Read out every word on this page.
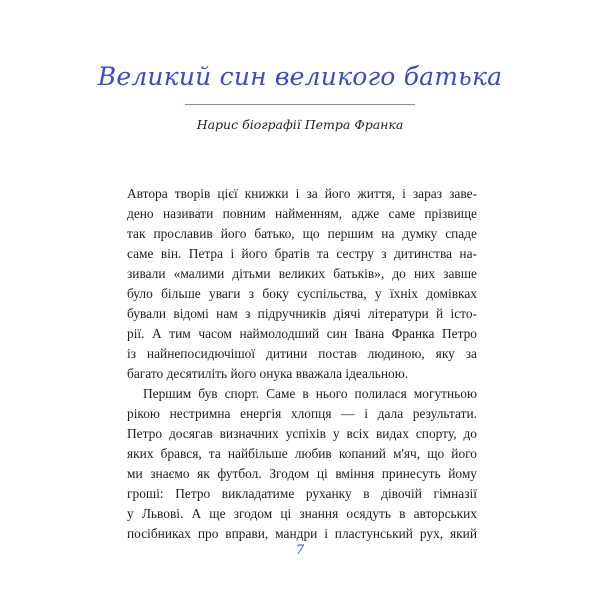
Великий син великого батька
Нарис біографії Петра Франка
Автора творів цієї книжки і за його життя, і зараз заве-
дено називати повним найменням, адже саме прізвище
так прославив його батько, що першим на думку спаде
саме він. Петра і його братів та сестру з дитинства на-
зивали «малими дітьми великих батьків», до них завше
було більше уваги з боку суспільства, у їхніх домівках
бували відомі нам з підручників діячі літератури й істо-
рії. А тим часом наймолодший син Івана Франка Петро
із найнепосидючішої дитини постав людиною, яку за
багато десятиліть його онука вважала ідеальною.
Першим був спорт. Саме в нього полилася могутньою
рікою нестримна енергія хлопця — і дала результати.
Петро досягав визначних успіхів у всіх видах спорту, до
яких брався, та найбільше любив копаний м'яч, що його
ми знаємо як футбол. Згодом ці вміння принесуть йому
гроші: Петро викладатиме руханку в дівочій гімназії
у Львові. А ще згодом ці знання осядуть в авторських
посібниках про вправи, мандри і пластунський рух, який
7
